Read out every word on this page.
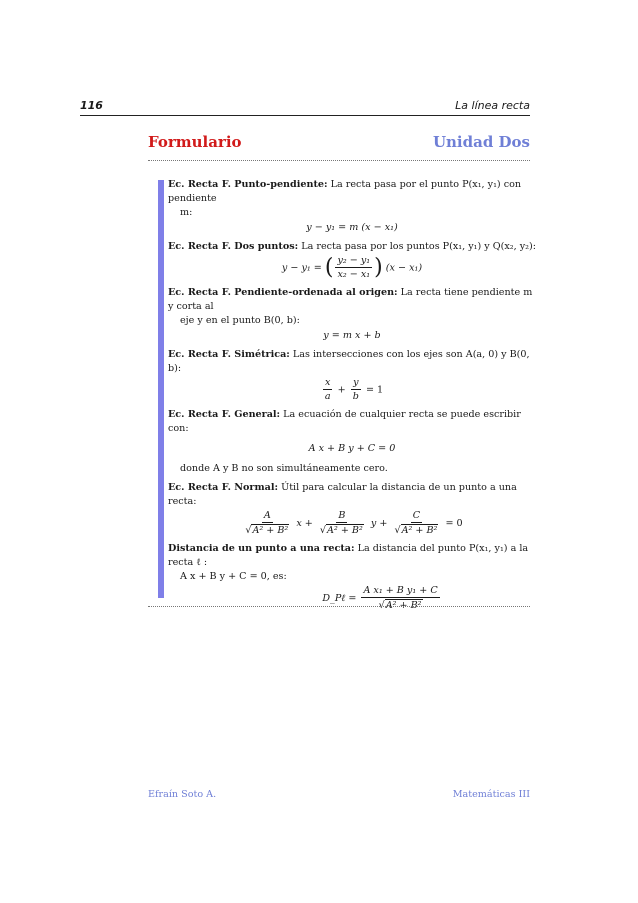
116	La línea recta
Formulario	Unidad Dos

Ec. Recta F. Punto-pendiente: La recta pasa por el punto P(x₁, y₁) con pendiente

m:

y − y₁ = m (x − x₁)

Ec. Recta F. Dos puntos: La recta pasa por los puntos P(x₁, y₁) y Q(x₂, y₂):

y − y₁ = ( $\frac{\text{y₂ − y₁}}{\text{x₂ − x₁}}$ ) (x − x₁)

Ec. Recta F. Pendiente-ordenada al origen: La recta tiene pendiente m y corta al

eje y en el punto B(0, b):

y = m x + b

Ec. Recta F. Simétrica: Las intersecciones con los ejes son A(a, 0) y B(0, b):

$\frac{x}{a} + \frac{y}{b} = 1$

Ec. Recta F. General: La ecuación de cualquier recta se puede escribir con:

A x + B y + C = 0

donde A y B no son simultáneamente cero.

Ec. Recta F. Normal: Útil para calcular la distancia de un punto a una recta:

$\frac{A}{\text{√A² + B²}}$ $x + \frac{B}{\text{√A² + B²}}$ $y + \frac{C}{\text{√A² + B²}} = 0$

Distancia de un punto a una recta: La distancia del punto P(x₁, y₁) a la recta ℓ :

A x + B y + C = 0, es:

D_Pℓ = $\frac{\text{A x₁ + B y₁ + C}}{\text{√A² + B²}}$
Efraín Soto A.	Matemáticas III
